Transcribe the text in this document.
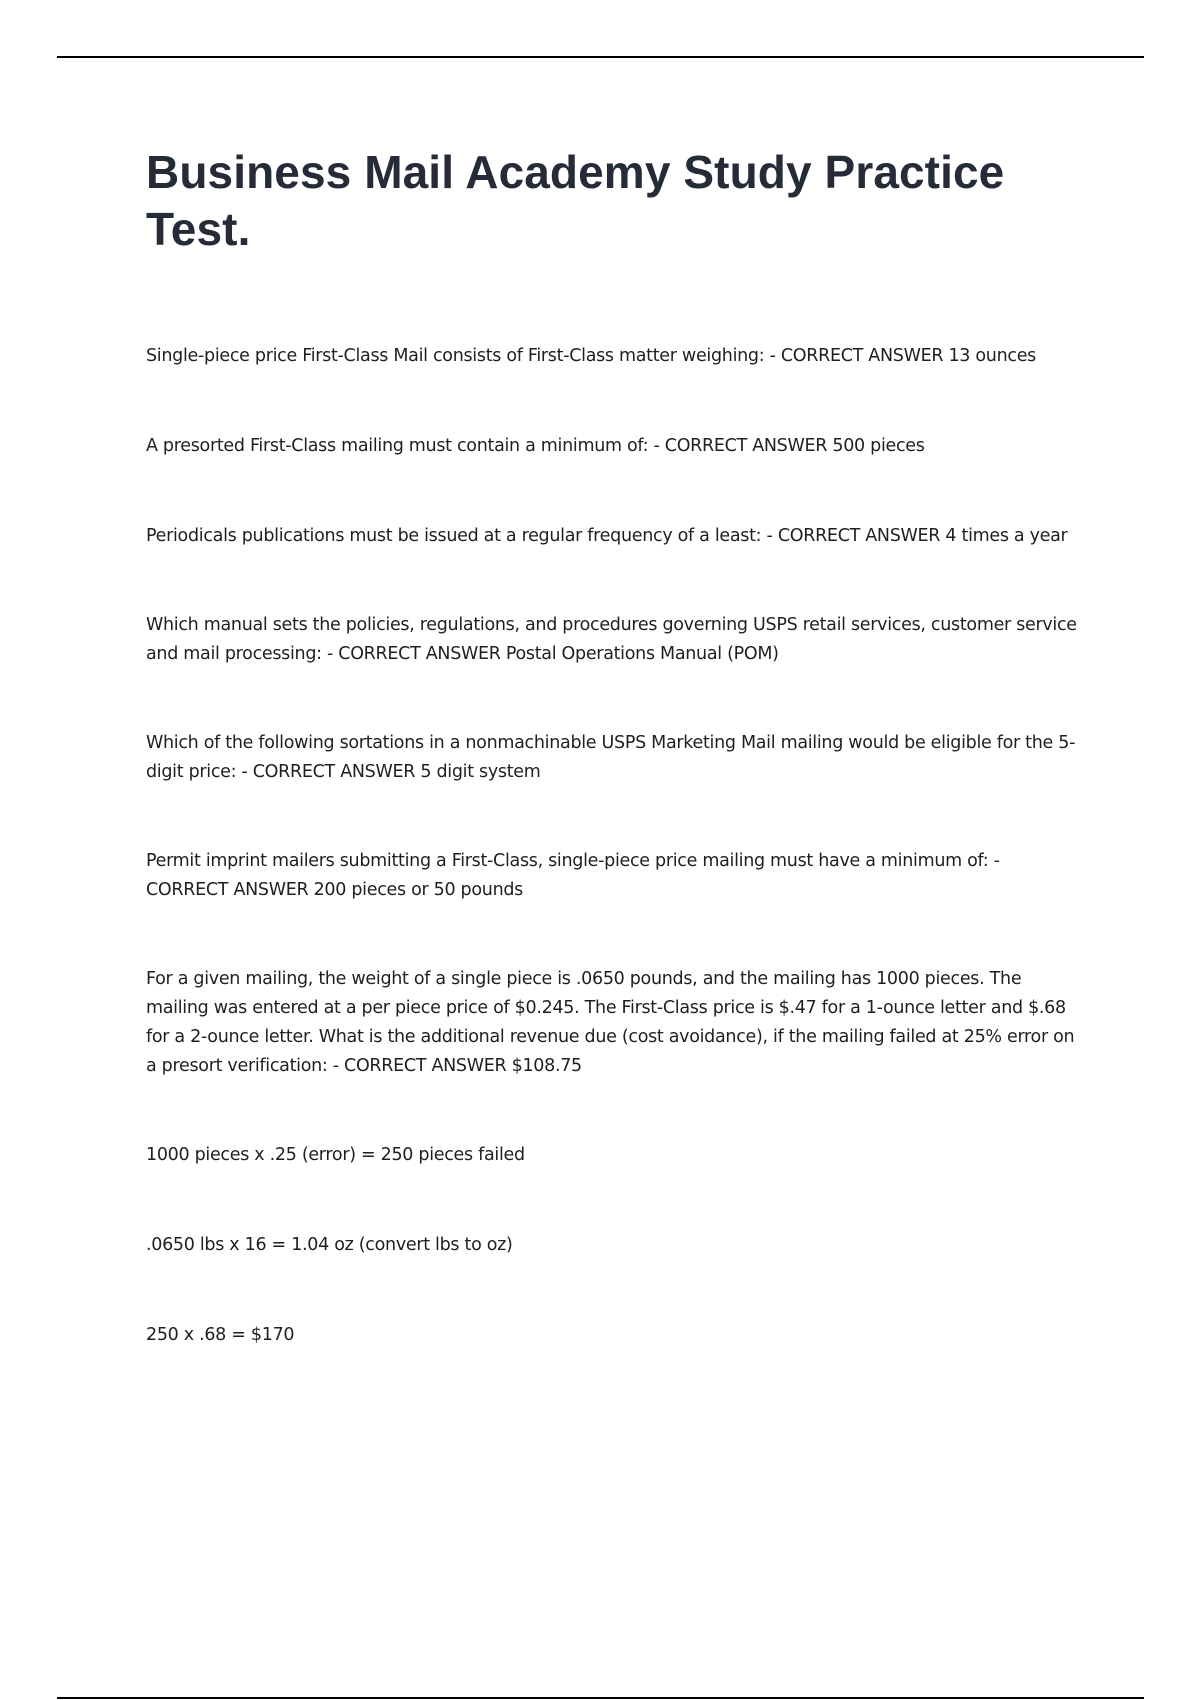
Business Mail Academy Study Practice Test.

Single-piece price First-Class Mail consists of First-Class matter weighing: - CORRECT ANSWER 13 ounces

A presorted First-Class mailing must contain a minimum of: - CORRECT ANSWER 500 pieces

Periodicals publications must be issued at a regular frequency of a least: - CORRECT ANSWER 4 times a year

Which manual sets the policies, regulations, and procedures governing USPS retail services, customer service and mail processing: - CORRECT ANSWER Postal Operations Manual (POM)

Which of the following sortations in a nonmachinable USPS Marketing Mail mailing would be eligible for the 5-digit price: - CORRECT ANSWER 5 digit system

Permit imprint mailers submitting a First-Class, single-piece price mailing must have a minimum of: - CORRECT ANSWER 200 pieces or 50 pounds

For a given mailing, the weight of a single piece is .0650 pounds, and the mailing has 1000 pieces. The mailing was entered at a per piece price of $0.245. The First-Class price is $.47 for a 1-ounce letter and $.68 for a 2-ounce letter. What is the additional revenue due (cost avoidance), if the mailing failed at 25% error on a presort verification: - CORRECT ANSWER $108.75

1000 pieces x .25 (error) = 250 pieces failed

.0650 lbs x 16 = 1.04 oz (convert lbs to oz)

250 x .68 = $170
